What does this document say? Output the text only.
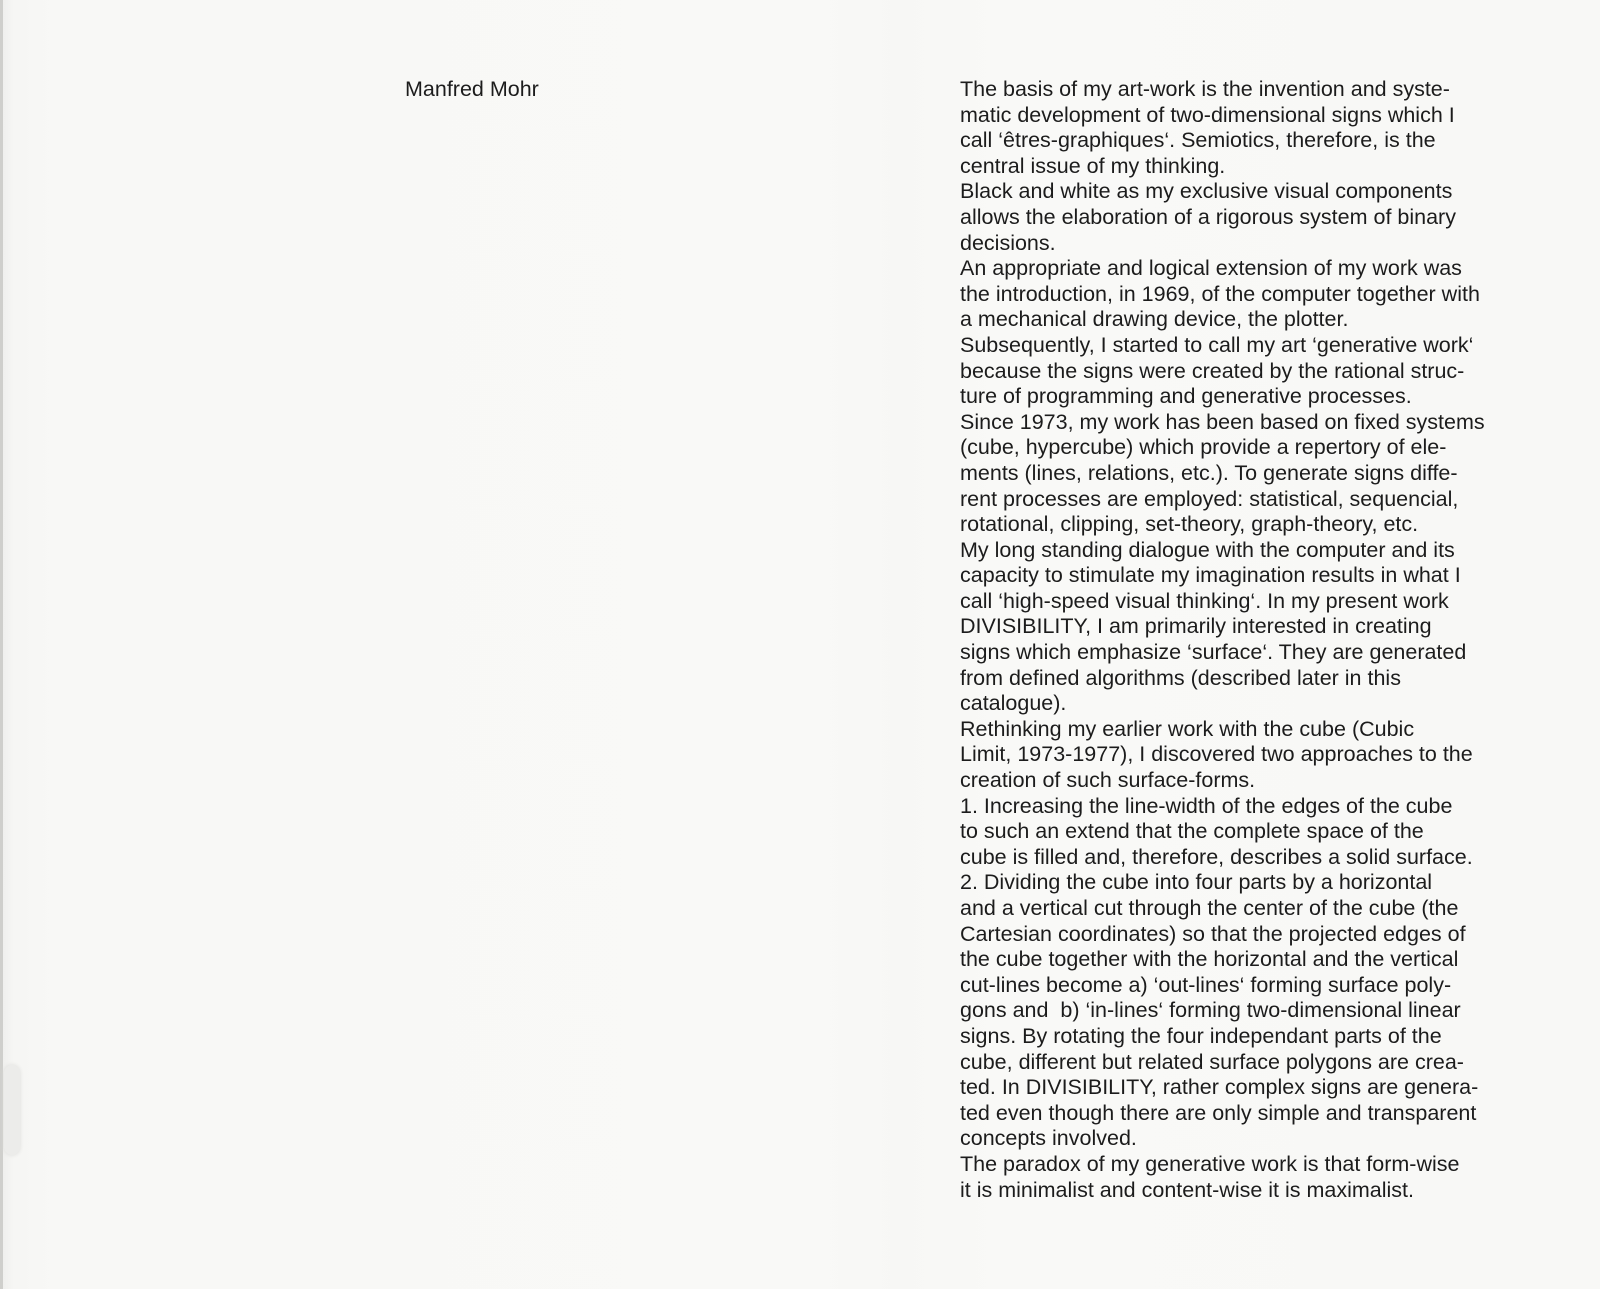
Manfred Mohr	The basis of my art-work is the invention and syste-
matic development of two-dimensional signs which I
call ‘êtres-graphiques‘. Semiotics, therefore, is the
central issue of my thinking.
Black and white as my exclusive visual components
allows the elaboration of a rigorous system of binary
decisions.
An appropriate and logical extension of my work was
the introduction, in 1969, of the computer together with
a mechanical drawing device, the plotter.
Subsequently, I started to call my art ‘generative work‘
because the signs were created by the rational struc-
ture of programming and generative processes.
Since 1973, my work has been based on fixed systems
(cube, hypercube) which provide a repertory of ele-
ments (lines, relations, etc.). To generate signs diffe-
rent processes are employed: statistical, sequencial,
rotational, clipping, set-theory, graph-theory, etc.
My long standing dialogue with the computer and its
capacity to stimulate my imagination results in what I
call ‘high-speed visual thinking‘. In my present work
DIVISIBILITY, I am primarily interested in creating
signs which emphasize ‘surface‘. They are generated
from defined algorithms (described later in this
catalogue).
Rethinking my earlier work with the cube (Cubic
Limit, 1973-1977), I discovered two approaches to the
creation of such surface-forms.
1. Increasing the line-width of the edges of the cube
to such an extend that the complete space of the
cube is filled and, therefore, describes a solid surface.
2. Dividing the cube into four parts by a horizontal
and a vertical cut through the center of the cube (the
Cartesian coordinates) so that the projected edges of
the cube together with the horizontal and the vertical
cut-lines become a) ‘out-lines‘ forming surface poly-
gons and  b) ‘in-lines‘ forming two-dimensional linear
signs. By rotating the four independant parts of the
cube, different but related surface polygons are crea-
ted. In DIVISIBILITY, rather complex signs are genera-
ted even though there are only simple and transparent
concepts involved.
The paradox of my generative work is that form-wise
it is minimalist and content-wise it is maximalist.
